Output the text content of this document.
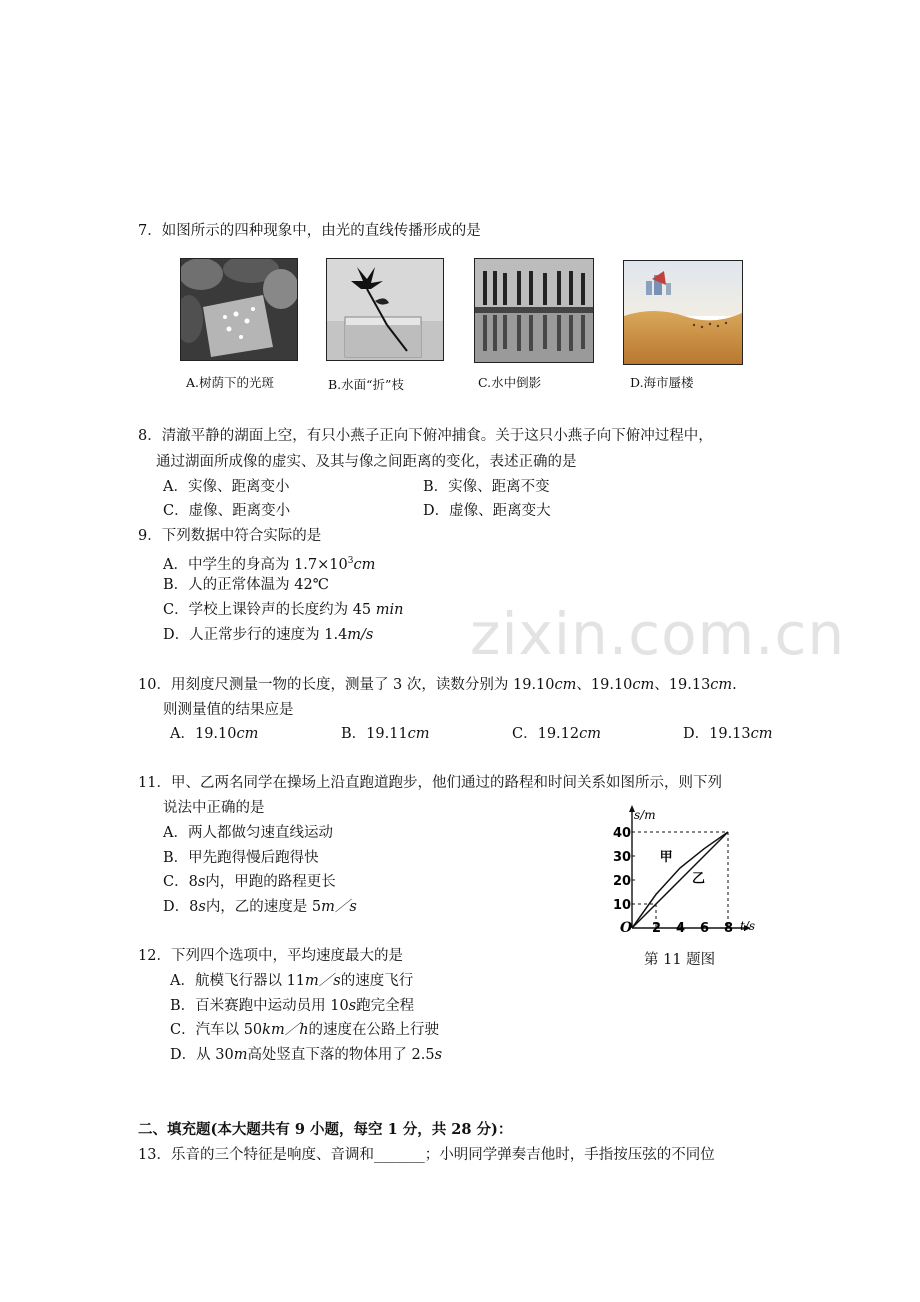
zixin.com.cn
7．如图所示的四种现象中，由光的直线传播形成的是
A.树荫下的光斑	B.水面“折”枝	C.水中倒影	D.海市蜃楼
8．清澈平静的湖面上空，有只小燕子正向下俯冲捕食。关于这只小燕子向下俯冲过程中，
通过湖面所成像的虚实、及其与像之间距离的变化，表述正确的是
A．实像、距离变小	B．实像、距离不变
C．虚像、距离变小	D．虚像、距离变大
9．下列数据中符合实际的是
A．中学生的身高为 $1.7\times 10^3cm$
B．人的正常体温为 42℃
C．学校上课铃声的长度约为 45 min
D．人正常步行的速度为 1.4m/s
10．用刻度尺测量一物的长度，测量了 3 次，读数分别为 19.10cm、19.10cm、19.13cm.
则测量值的结果应是
A．19.10cm	B．19.11cm	C．19.12cm	D．19.13cm
11．甲、乙两名同学在操场上沿直跑道跑步，他们通过的路程和时间关系如图所示，则下列
说法中正确的是
A．两人都做匀速直线运动
B．甲先跑得慢后跑得快
C．8s内，甲跑的路程更长
D．8s内，乙的速度是 5m／s
s/m
t/s
O 2 4 6 8
10
20
30
40
甲
乙
第 11 题图
12．下列四个选项中，平均速度最大的是
A．航模飞行器以 11m／s的速度飞行
B．百米赛跑中运动员用 10s跑完全程
C．汽车以 50km／h的速度在公路上行驶
D．从 30m高处竖直下落的物体用了 2.5s
二、填充题(本大题共有 9 小题，每空 1 分，共 28 分)：
13．乐音的三个特征是响度、音调和_______；小明同学弹奏吉他时，手指按压弦的不同位
